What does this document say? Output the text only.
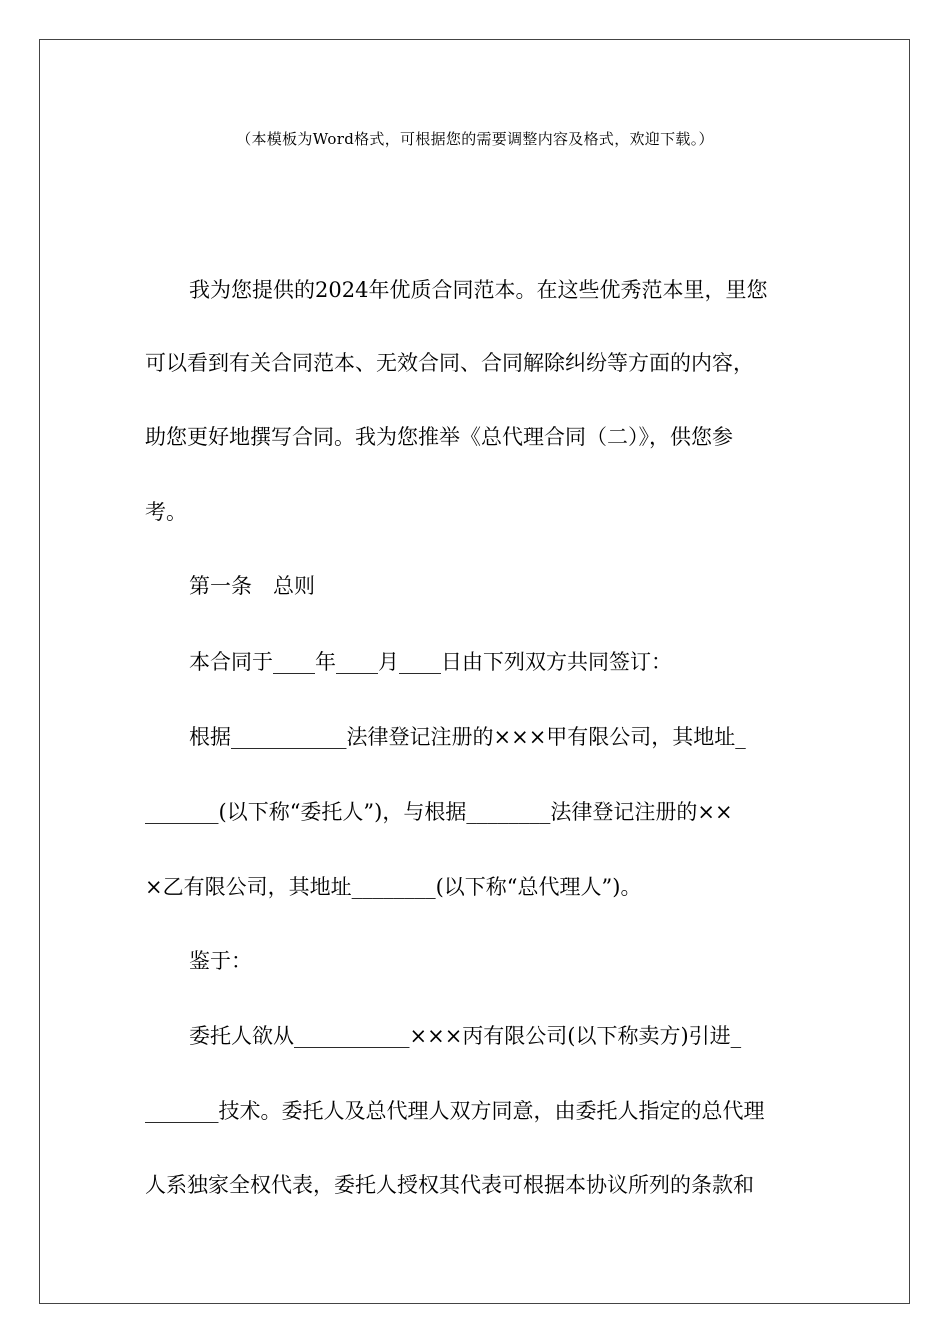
（本模板为Word格式，可根据您的需要调整内容及格式，欢迎下载。）
我为您提供的2024年优质合同范本。在这些优秀范本里，里您
可以看到有关合同范本、无效合同、合同解除纠纷等方面的内容，
助您更好地撰写合同。我为您推举《总代理合同（二）》，供您参
考。
第一条　总则
本合同于____年____月____日由下列双方共同签订：
根据___________法律登记注册的×××甲有限公司，其地址_
_______(以下称“委托人”)，与根据________法律登记注册的××
×乙有限公司，其地址________(以下称“总代理人”)。
鉴于：
委托人欲从___________×××丙有限公司(以下称卖方)引进_
_______技术。委托人及总代理人双方同意，由委托人指定的总代理
人系独家全权代表，委托人授权其代表可根据本协议所列的条款和
